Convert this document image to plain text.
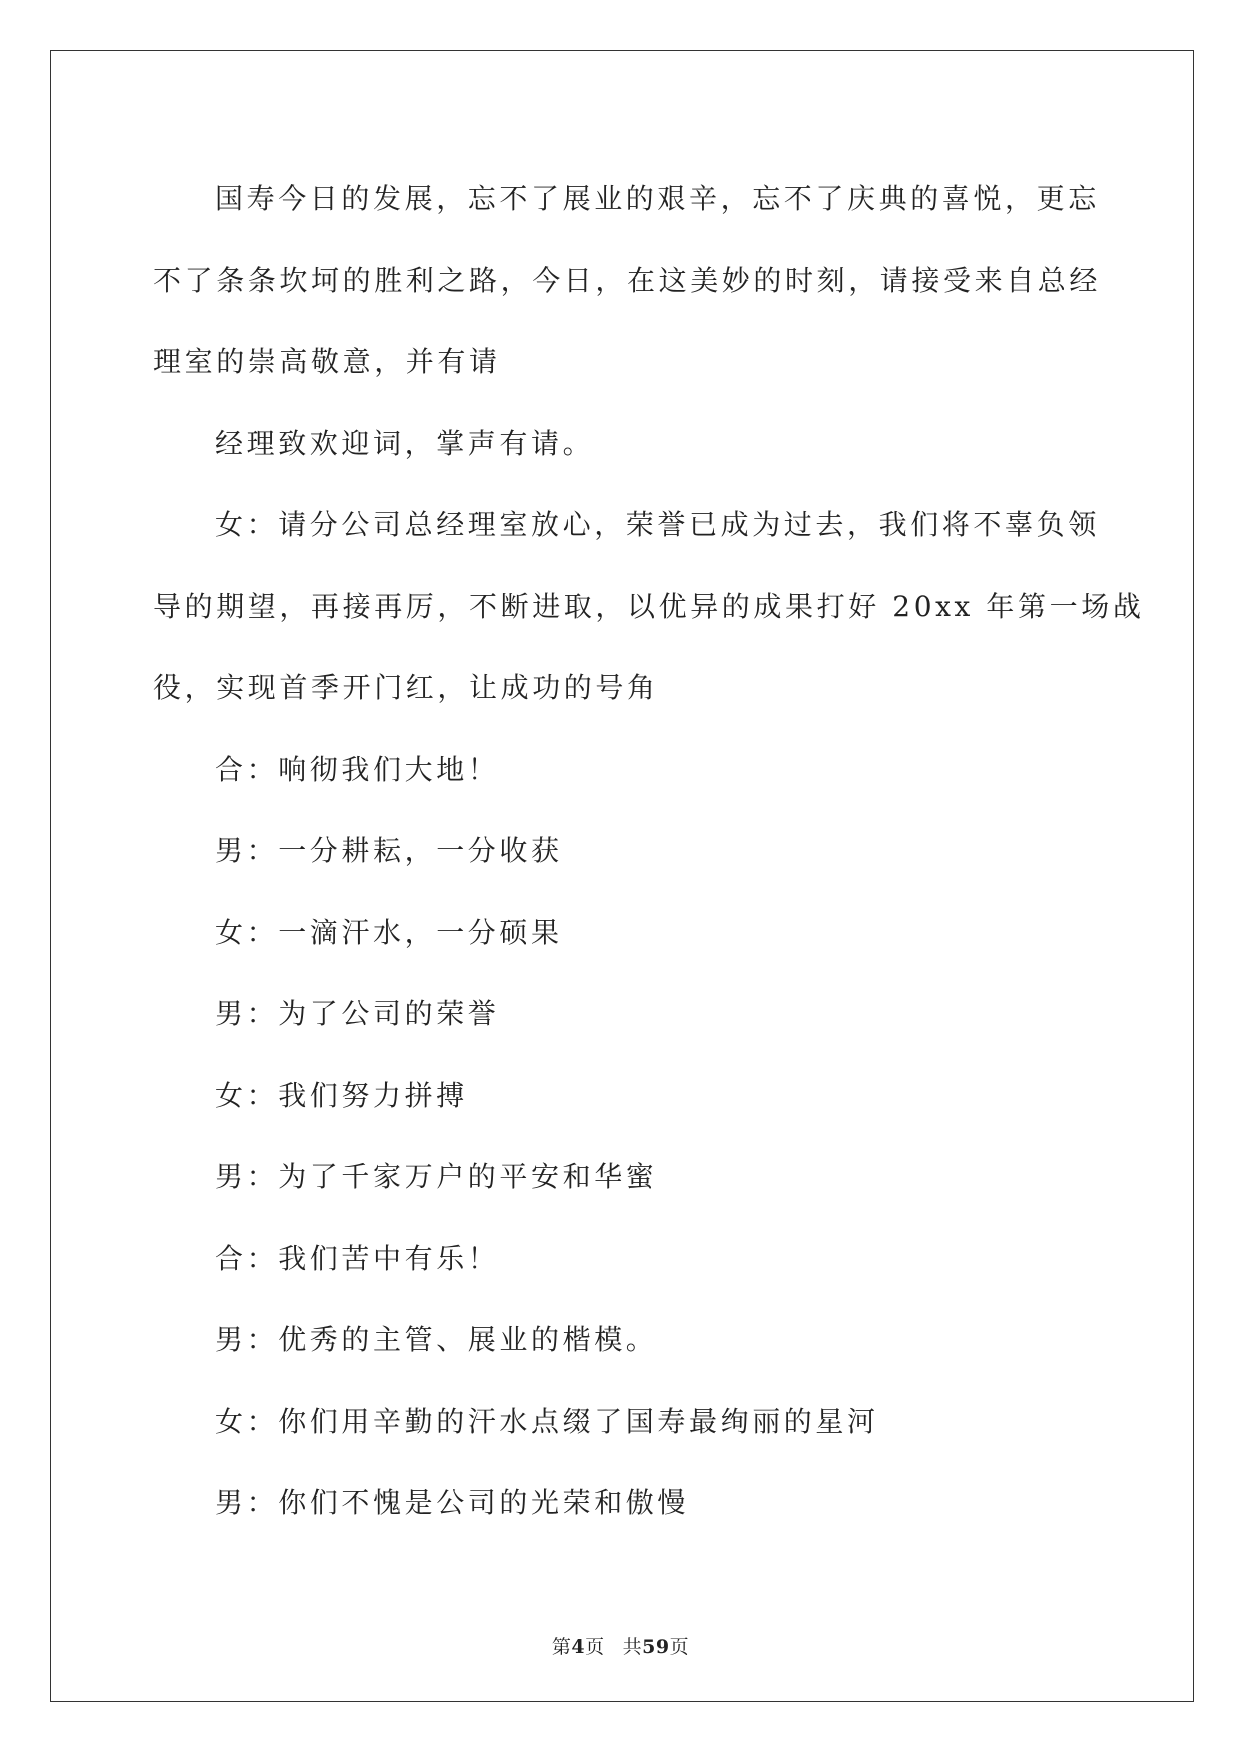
国寿今日的发展，忘不了展业的艰辛，忘不了庆典的喜悦，更忘
不了条条坎坷的胜利之路，今日，在这美妙的时刻，请接受来自总经
理室的崇高敬意，并有请

经理致欢迎词，掌声有请。

女：请分公司总经理室放心，荣誉已成为过去，我们将不辜负领
导的期望，再接再厉，不断进取，以优异的成果打好 20xx 年第一场战
役，实现首季开门红，让成功的号角

合：响彻我们大地！

男：一分耕耘，一分收获

女：一滴汗水，一分硕果

男：为了公司的荣誉

女：我们努力拼搏

男：为了千家万户的平安和华蜜

合：我们苦中有乐！

男：优秀的主管、展业的楷模。

女：你们用辛勤的汗水点缀了国寿最绚丽的星河

男：你们不愧是公司的光荣和傲慢

第4页 共59页
